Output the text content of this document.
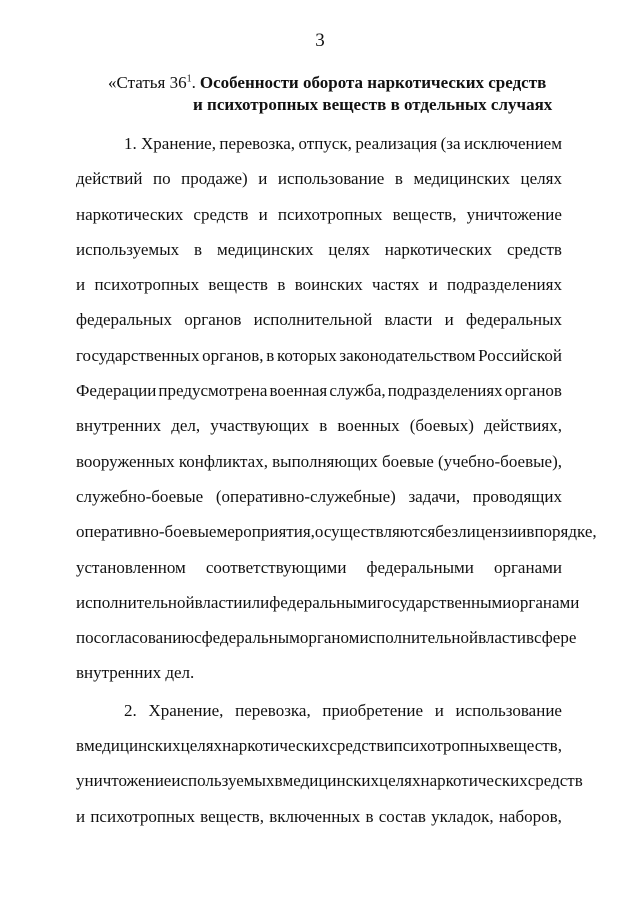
3
«Статья $36^1$. Особенности оборота наркотических средств
и психотропных веществ в отдельных случаях
1. Хранение, перевозка, отпуск, реализация (за исключением
действий по продаже) и использование в медицинских целях
наркотических средств и психотропных веществ, уничтожение
используемых в медицинских целях наркотических средств
и психотропных веществ в воинских частях и подразделениях
федеральных органов исполнительной власти и федеральных
государственных органов, в которых законодательством Российской
Федерации предусмотрена военная служба, подразделениях органов
внутренних дел, участвующих в военных (боевых) действиях,
вооруженных конфликтах, выполняющих боевые (учебно-боевые),
служебно-боевые (оперативно-служебные) задачи, проводящих
оперативно-боевые мероприятия, осуществляются без лицензии в порядке,
установленном соответствующими федеральными органами
исполнительной власти или федеральными государственными органами
по согласованию с федеральным органом исполнительной власти в сфере
внутренних дел.
2. Хранение, перевозка, приобретение и использование
в медицинских целях наркотических средств и психотропных веществ,
уничтожение используемых в медицинских целях наркотических средств
и психотропных веществ, включенных в состав укладок, наборов,
